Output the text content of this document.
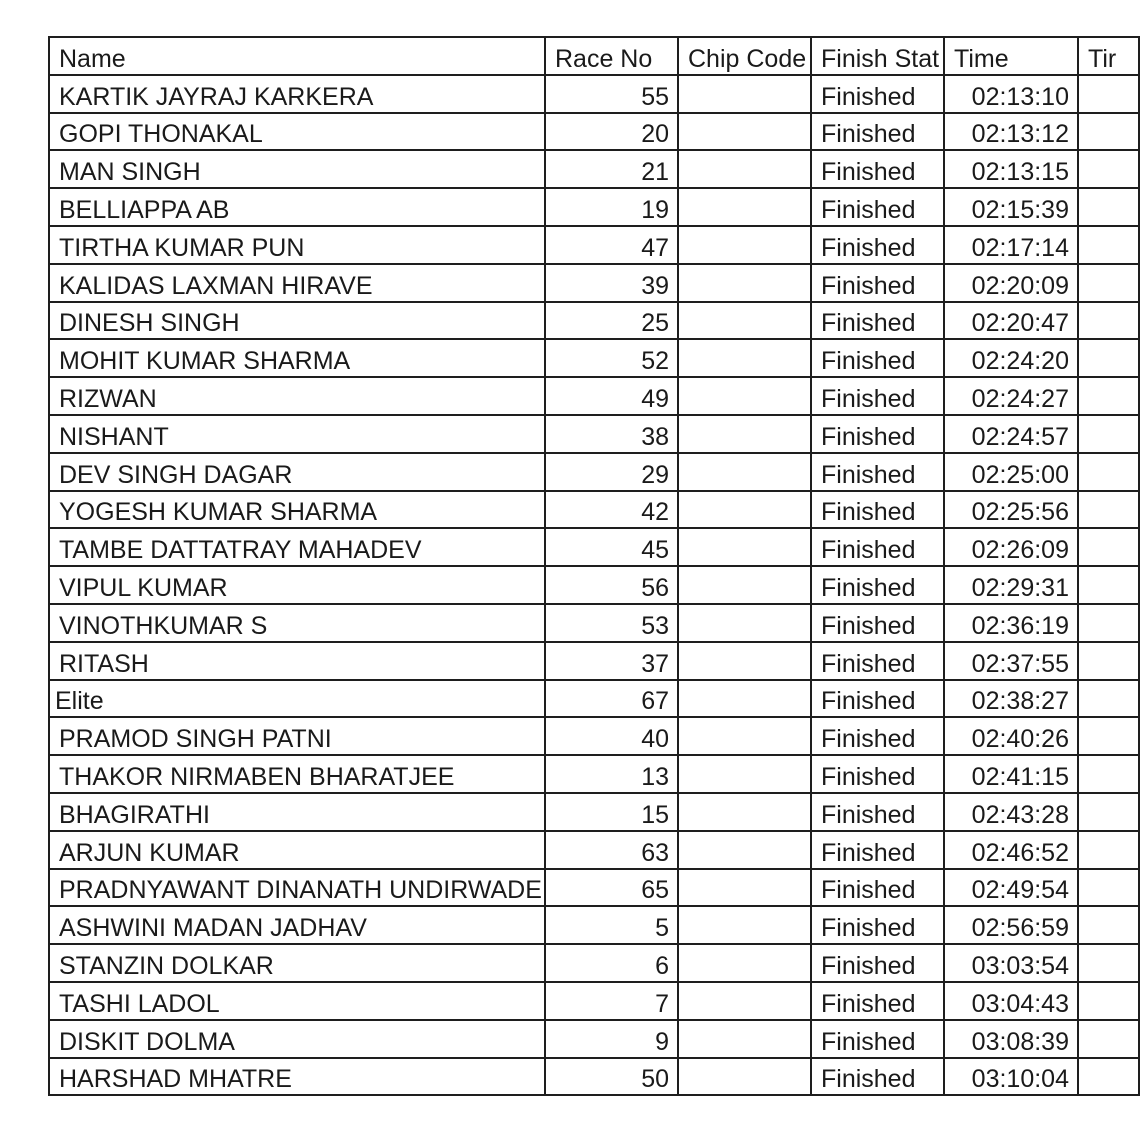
Name	Race No	Chip Code	Finish Stat	Time	Tir
KARTIK JAYRAJ KARKERA	55		Finished	02:13:10	
GOPI THONAKAL	20		Finished	02:13:12	
MAN SINGH	21		Finished	02:13:15	
BELLIAPPA AB	19		Finished	02:15:39	
TIRTHA KUMAR PUN	47		Finished	02:17:14	
KALIDAS LAXMAN HIRAVE	39		Finished	02:20:09	
DINESH SINGH	25		Finished	02:20:47	
MOHIT KUMAR SHARMA	52		Finished	02:24:20	
RIZWAN	49		Finished	02:24:27	
NISHANT	38		Finished	02:24:57	
DEV SINGH DAGAR	29		Finished	02:25:00	
YOGESH KUMAR SHARMA	42		Finished	02:25:56	
TAMBE DATTATRAY MAHADEV	45		Finished	02:26:09	
VIPUL KUMAR	56		Finished	02:29:31	
VINOTHKUMAR S	53		Finished	02:36:19	
RITASH	37		Finished	02:37:55	
Elite	67		Finished	02:38:27	
PRAMOD SINGH PATNI	40		Finished	02:40:26	
THAKOR NIRMABEN BHARATJEE	13		Finished	02:41:15	
BHAGIRATHI	15		Finished	02:43:28	
ARJUN KUMAR	63		Finished	02:46:52	
PRADNYAWANT DINANATH UNDIRWADE	65		Finished	02:49:54	
ASHWINI MADAN JADHAV	5		Finished	02:56:59	
STANZIN DOLKAR	6		Finished	03:03:54	
TASHI LADOL	7		Finished	03:04:43	
DISKIT DOLMA	9		Finished	03:08:39	
HARSHAD MHATRE	50		Finished	03:10:04	
